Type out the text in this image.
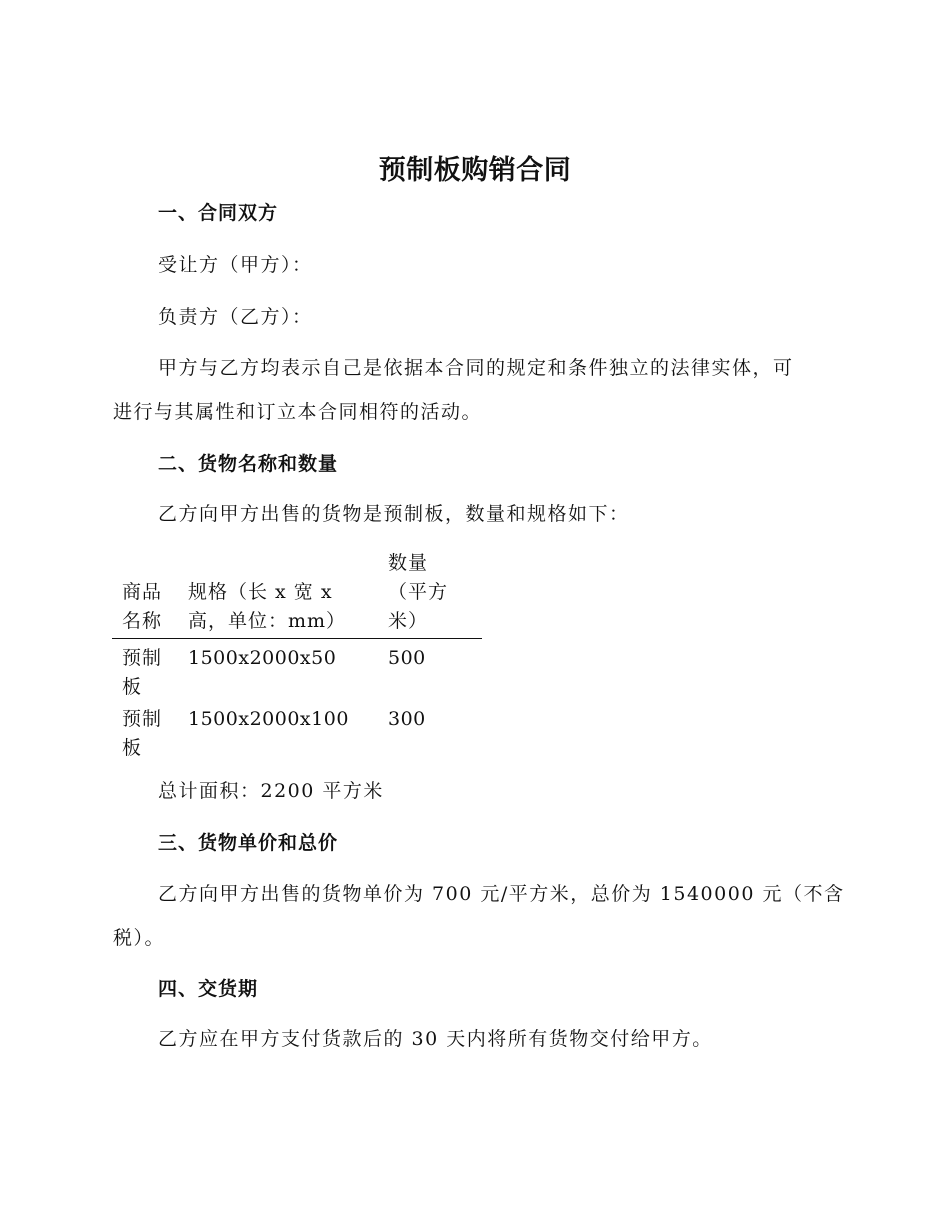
预制板购销合同
一、合同双方
受让方（甲方）：
负责方（乙方）：
甲方与乙方均表示自己是依据本合同的规定和条件独立的法律实体，可
进行与其属性和订立本合同相符的活动。
二、货物名称和数量
乙方向甲方出售的货物是预制板，数量和规格如下：
商品名称
规格（长 x 宽 x 高，单位：mm）
数量（平方米）
预制板
1500x2000x50	500
预制板
1500x2000x100 300
总计面积：2200 平方米
三、货物单价和总价
乙方向甲方出售的货物单价为 700 元/平方米，总价为 1540000 元（不含
税）。
四、交货期
乙方应在甲方支付货款后的 30 天内将所有货物交付给甲方。
